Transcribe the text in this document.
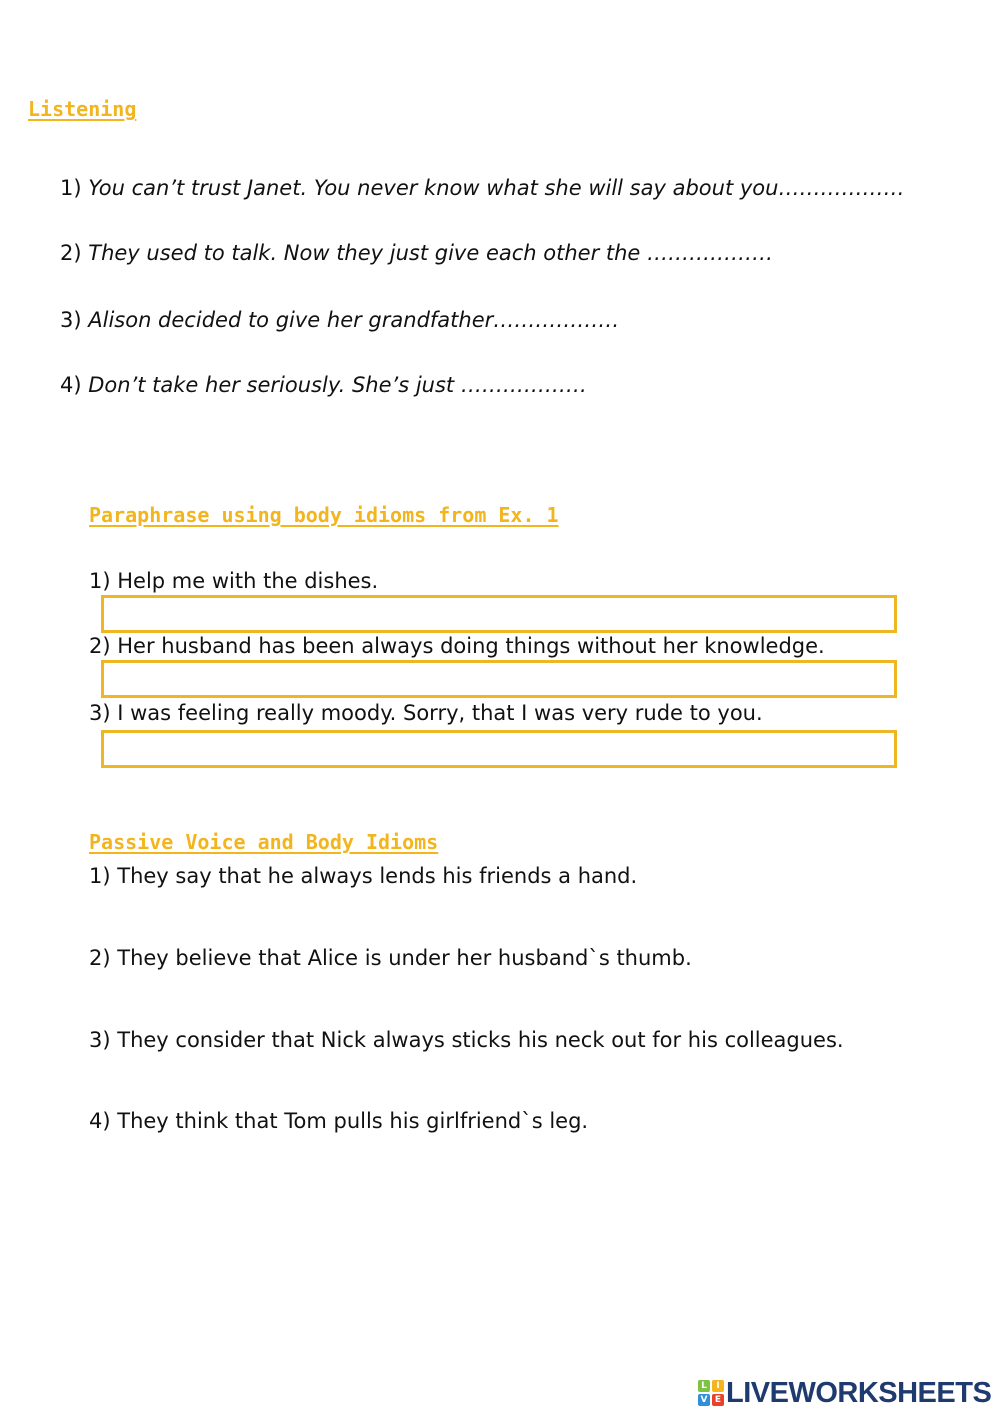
Listening
1) You can’t trust Janet. You never know what she will say about you………………
2) They used to talk. Now they just give each other the ………………
3) Alison decided to give her grandfather………………
4) Don’t take her seriously. She’s just ………………
Paraphrase using body idioms from Ex. 1
1) Help me with the dishes.
2) Her husband has been always doing things without her knowledge.
3) I was feeling really moody. Sorry, that I was very rude to you.
Passive Voice and Body Idioms
1) They say that he always lends his friends a hand.
2) They believe that Alice is under her husband`s thumb.
3) They consider that Nick always sticks his neck out for his colleagues.
4) They think that Tom pulls his girlfriend`s leg.
L	I
V E LIVEWORKSHEETS
